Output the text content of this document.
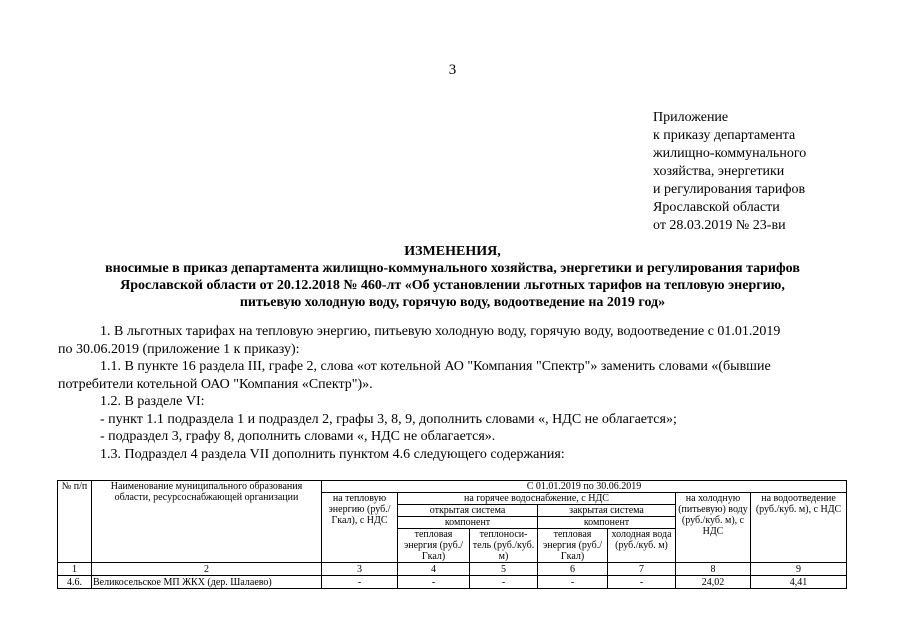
3
Приложение
к приказу департамента
жилищно-коммунального
хозяйства, энергетики
и регулирования тарифов
Ярославской области
от 28.03.2019 № 23-ви
ИЗМЕНЕНИЯ,
вносимые в приказ департамента жилищно-коммунального хозяйства, энергетики и регулирования тарифов
Ярославской области от 20.12.2018 № 460-лт «Об установлении льготных тарифов на тепловую энергию,
питьевую холодную воду, горячую воду, водоотведение на 2019 год»
1. В льготных тарифах на тепловую энергию, питьевую холодную воду, горячую воду, водоотведение с 01.01.2019
по 30.06.2019 (приложение 1 к приказу):
1.1. В пункте 16 раздела III, графе 2, слова «от котельной АО "Компания "Спектр"» заменить словами «(бывшие
потребители котельной ОАО "Компания «Спектр")».
1.2. В разделе VI:
- пункт 1.1 подраздела 1 и подраздел 2, графы 3, 8, 9, дополнить словами «, НДС не облагается»;
- подраздел 3, графу 8, дополнить словами «, НДС не облагается».
1.3. Подраздел 4 раздела VII дополнить пунктом 4.6 следующего содержания:
№ п/п	Наименование муниципального образования области, ресурсоснабжающей организации	С 01.01.2019 по 30.06.2019						
		на тепловую энергию (руб./Гкал), с НДС	на горячее водоснабжение, с НДС				на холодную (питьевую) воду (руб./куб. м), с НДС	на водоотведение (руб./куб. м), с НДС
			открытая система		закрытая система			
			компонент		компонент			
			тепловая энергия (руб./Гкал)	теплоноси-тель (руб./куб. м)	тепловая энергия (руб./Гкал)	холодная вода (руб./куб. м)		
1	2	3	4	5	6	7	8	9
4.6.	Великосельское МП ЖКХ (дер. Шалаево)	-	-	-	-	-	24,02	4,41
